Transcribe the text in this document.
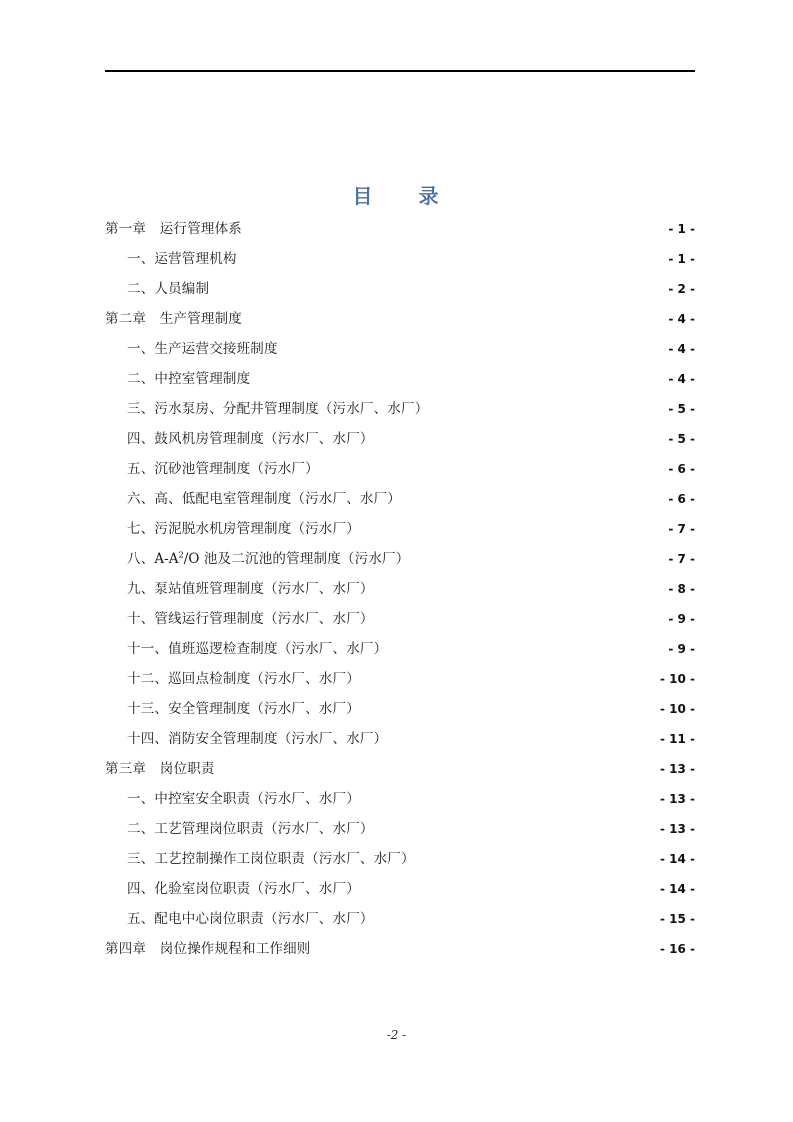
目　　录
第一章　运行管理体系 .....	- 1 -
一、运营管理机构 .....	- 1 -
二、人员编制 .....	- 2 -
第二章　生产管理制度 .....	- 4 -
一、生产运营交接班制度 .....	- 4 -
二、中控室管理制度 .....	- 4 -
三、污水泵房、分配井管理制度（污水厂、水厂） .....	- 5 -
四、鼓风机房管理制度（污水厂、水厂） .....	- 5 -
五、沉砂池管理制度（污水厂） .....	- 6 -
六、高、低配电室管理制度（污水厂、水厂） .....	- 6 -
七、污泥脱水机房管理制度（污水厂） .....	- 7 -
八、$A-A^2/O$ 池及二沉池的管理制度（污水厂） .....	- 7 -
九、泵站值班管理制度（污水厂、水厂） .....	- 8 -
十、管线运行管理制度（污水厂、水厂） .....	- 9 -
十一、值班巡逻检查制度（污水厂、水厂） .....	- 9 -
十二、巡回点检制度（污水厂、水厂） .....	- 10 -
十三、安全管理制度（污水厂、水厂） .....	- 10 -
十四、消防安全管理制度（污水厂、水厂） .....	- 11 -
第三章　岗位职责 .....	- 13 -
一、中控室安全职责（污水厂、水厂） .....	- 13 -
二、工艺管理岗位职责（污水厂、水厂） .....	- 13 -
三、工艺控制操作工岗位职责（污水厂、水厂） .....	- 14 -
四、化验室岗位职责（污水厂、水厂） .....	- 14 -
五、配电中心岗位职责（污水厂、水厂） .....	- 15 -
第四章　岗位操作规程和工作细则 .....	- 16 -
-2 -
